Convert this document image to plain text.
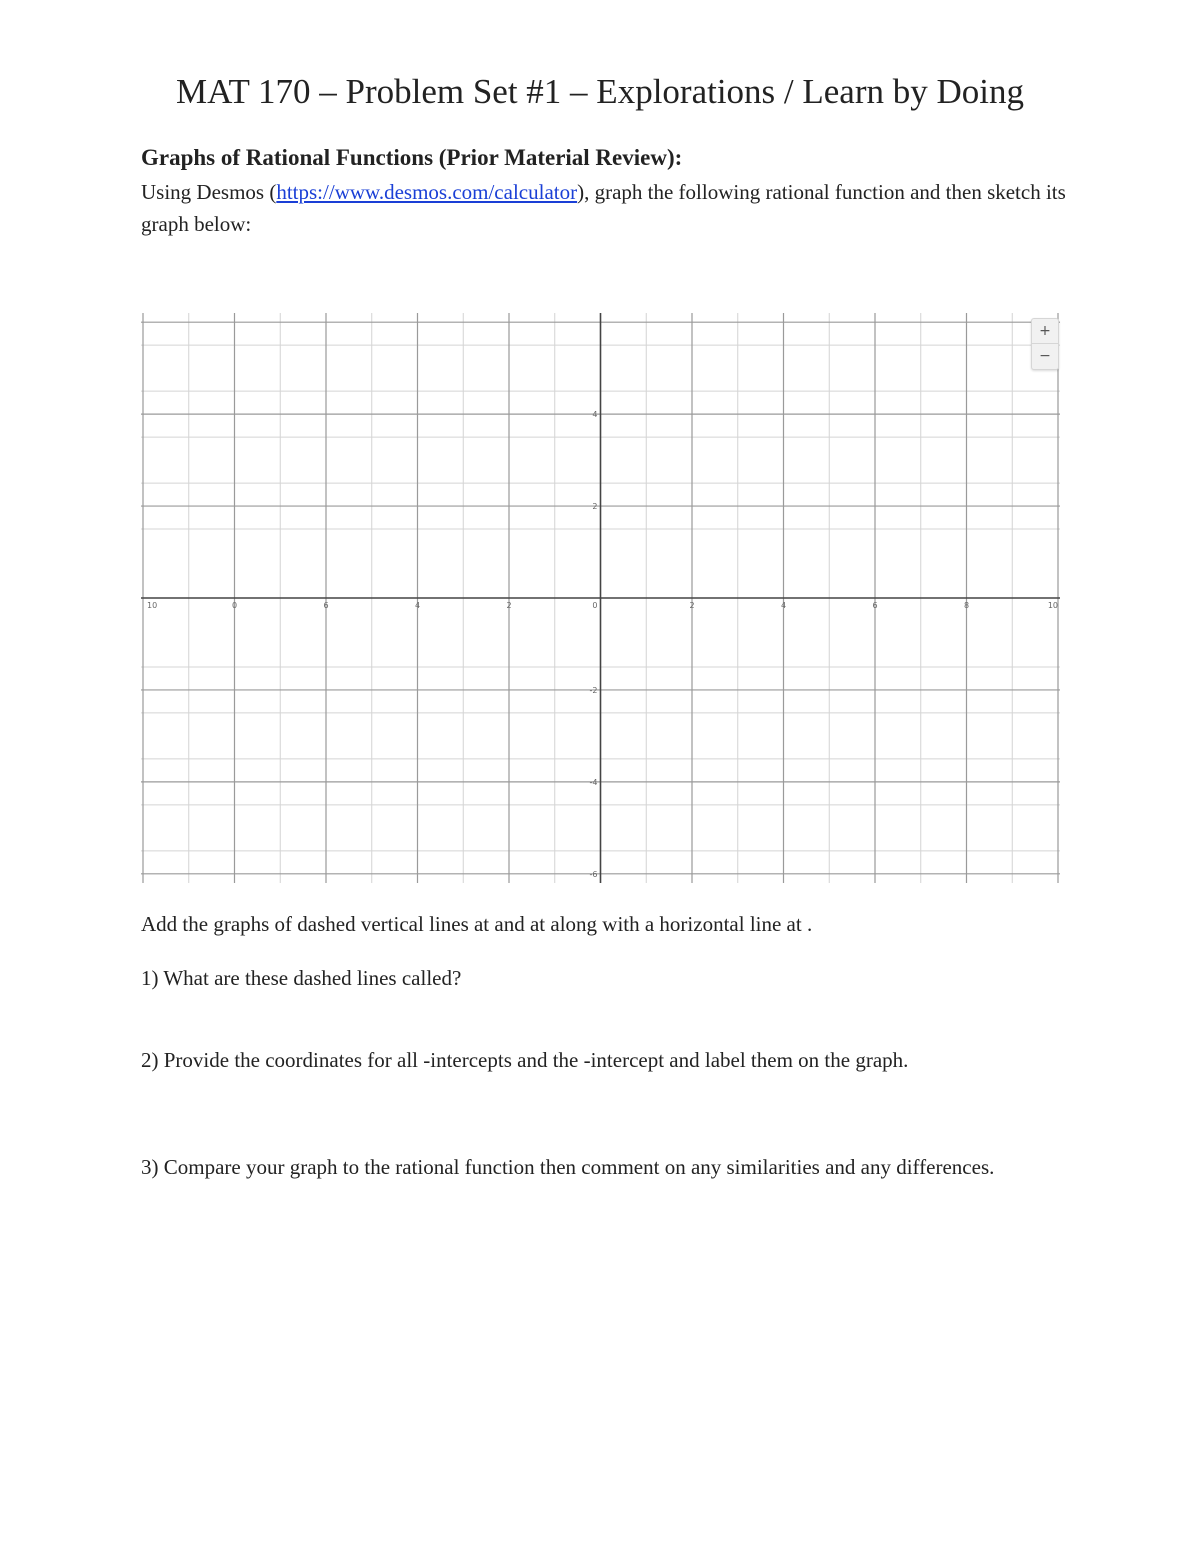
MAT 170 – Problem Set #1 – Explorations / Learn by Doing
Graphs of Rational Functions (Prior Material Review):
Using Desmos (https://www.desmos.com/calculator), graph the following rational function and then sketch its graph below:
10	0	6	4	2	0	2	4	6	8	10
4
2
-2
-4
-6
+
−
Add the graphs of dashed vertical lines at and at along with a horizontal line at .
1) What are these dashed lines called?
2) Provide the coordinates for all -intercepts and the -intercept and label them on the graph.
3) Compare your graph to the rational function then comment on any similarities and any differences.
